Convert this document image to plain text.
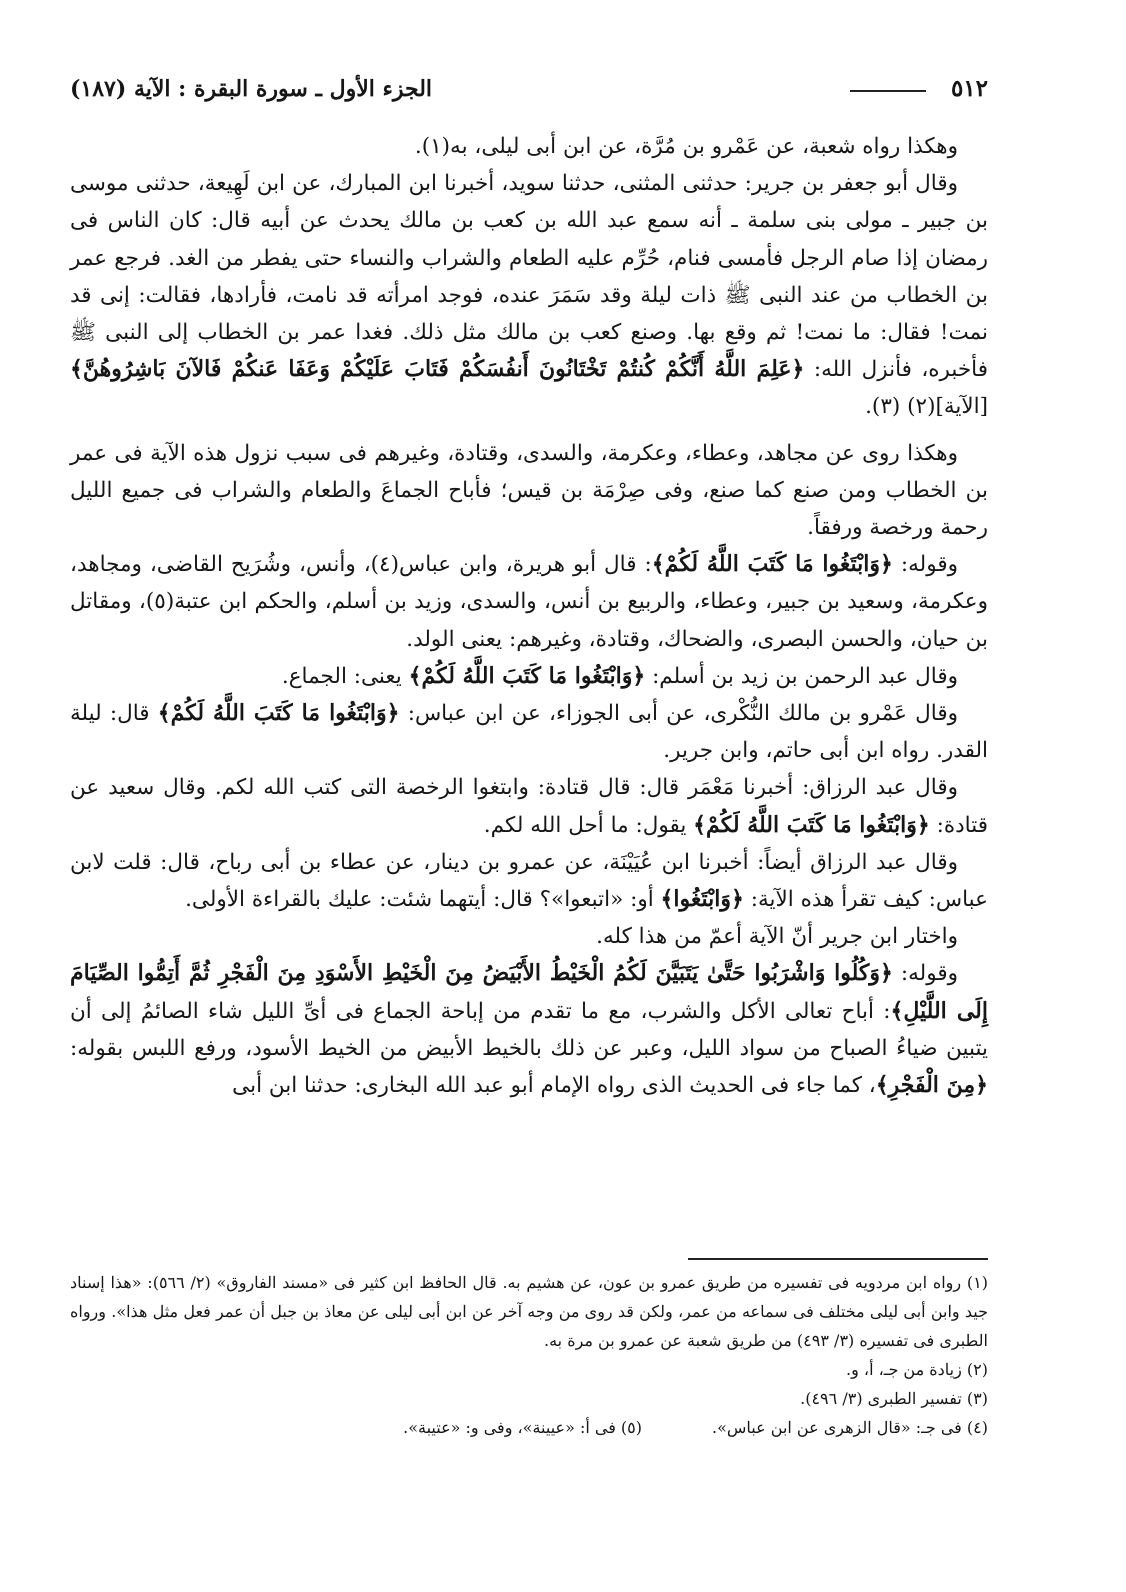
٥١٢
الجزء الأول ـ سورة البقرة : الآية (١٨٧)

وهكذا رواه شعبة، عن عَمْرو بن مُرَّة، عن ابن أبى ليلى، به(١).

وقال أبو جعفر بن جرير: حدثنى المثنى، حدثنا سويد، أخبرنا ابن المبارك، عن ابن لَهِيعة، حدثنى موسى بن جبير ـ مولى بنى سلمة ـ أنه سمع عبد الله بن كعب بن مالك يحدث عن أبيه قال: كان الناس فى رمضان إذا صام الرجل فأمسى فنام، حُرِّم عليه الطعام والشراب والنساء حتى يفطر من الغد. فرجع عمر بن الخطاب من عند النبى ﷺ ذات ليلة وقد سَمَرَ عنده، فوجد امرأته قد نامت، فأرادها، فقالت: إنى قد نمت! فقال: ما نمت! ثم وقع بها. وصنع كعب بن مالك مثل ذلك. فغدا عمر بن الخطاب إلى النبى ﷺ فأخبره، فأنزل الله: ﴿عَلِمَ اللَّهُ أَنَّكُمْ كُنتُمْ تَخْتَانُونَ أَنفُسَكُمْ فَتَابَ عَلَيْكُمْ وَعَفَا عَنكُمْ فَالآنَ بَاشِرُوهُنَّ﴾ [الآية](٢) (٣).

وهكذا روى عن مجاهد، وعطاء، وعكرمة، والسدى، وقتادة، وغيرهم فى سبب نزول هذه الآية فى عمر بن الخطاب ومن صنع كما صنع، وفى صِرْمَة بن قيس؛ فأباح الجماعَ والطعام والشراب فى جميع الليل رحمة ورخصة ورفقاً.

وقوله: ﴿وَابْتَغُوا مَا كَتَبَ اللَّهُ لَكُمْ﴾: قال أبو هريرة، وابن عباس(٤)، وأنس، وشُرَيح القاضى، ومجاهد، وعكرمة، وسعيد بن جبير، وعطاء، والربيع بن أنس، والسدى، وزيد بن أسلم، والحكم ابن عتبة(٥)، ومقاتل بن حيان، والحسن البصرى، والضحاك، وقتادة، وغيرهم: يعنى الولد.

وقال عبد الرحمن بن زيد بن أسلم: ﴿وَابْتَغُوا مَا كَتَبَ اللَّهُ لَكُمْ﴾ يعنى: الجماع.

وقال عَمْرو بن مالك النُّكْرى، عن أبى الجوزاء، عن ابن عباس: ﴿وَابْتَغُوا مَا كَتَبَ اللَّهُ لَكُمْ﴾ قال: ليلة القدر. رواه ابن أبى حاتم، وابن جرير.

وقال عبد الرزاق: أخبرنا مَعْمَر قال: قال قتادة: وابتغوا الرخصة التى كتب الله لكم. وقال سعيد عن قتادة: ﴿وَابْتَغُوا مَا كَتَبَ اللَّهُ لَكُمْ﴾ يقول: ما أحل الله لكم.

وقال عبد الرزاق أيضاً: أخبرنا ابن عُيَيْنَة، عن عمرو بن دينار، عن عطاء بن أبى رباح، قال: قلت لابن عباس: كيف تقرأ هذه الآية: ﴿وَابْتَغُوا﴾ أو: «اتبعوا»؟ قال: أيتهما شئت: عليك بالقراءة الأولى.

واختار ابن جرير أنّ الآية أعمّ من هذا كله.

وقوله: ﴿وَكُلُوا وَاشْرَبُوا حَتَّىٰ يَتَبَيَّنَ لَكُمُ الْخَيْطُ الأَبْيَضُ مِنَ الْخَيْطِ الأَسْوَدِ مِنَ الْفَجْرِ ثُمَّ أَتِمُّوا الصِّيَامَ إِلَى اللَّيْلِ﴾: أباح تعالى الأكل والشرب، مع ما تقدم من إباحة الجماع فى أىِّ الليل شاء الصائمُ إلى أن يتبين ضياءُ الصباح من سواد الليل، وعبر عن ذلك بالخيط الأبيض من الخيط الأسود، ورفع اللبس بقوله: ﴿مِنَ الْفَجْرِ﴾، كما جاء فى الحديث الذى رواه الإمام أبو عبد الله البخارى: حدثنا ابن أبى

(١) رواه ابن مردويه فى تفسيره من طريق عمرو بن عون، عن هشيم به. قال الحافظ ابن كثير فى «مسند الفاروق» (٢/ ٥٦٦): «هذا إسناد جيد وابن أبى ليلى مختلف فى سماعه من عمر، ولكن قد روى من وجه آخر عن ابن أبى ليلى عن معاذ بن جبل أن عمر فعل مثل هذا». ورواه الطبرى فى تفسيره (٣/ ٤٩٣) من طريق شعبة عن عمرو بن مرة به.

(٢) زيادة من جـ، أ، و.

(٣) تفسير الطبرى (٣/ ٤٩٦).

(٤) فى جـ: «قال الزهرى عن ابن عباس».

(٥) فى أ: «عيينة»، وفى و: «عتيبة».
